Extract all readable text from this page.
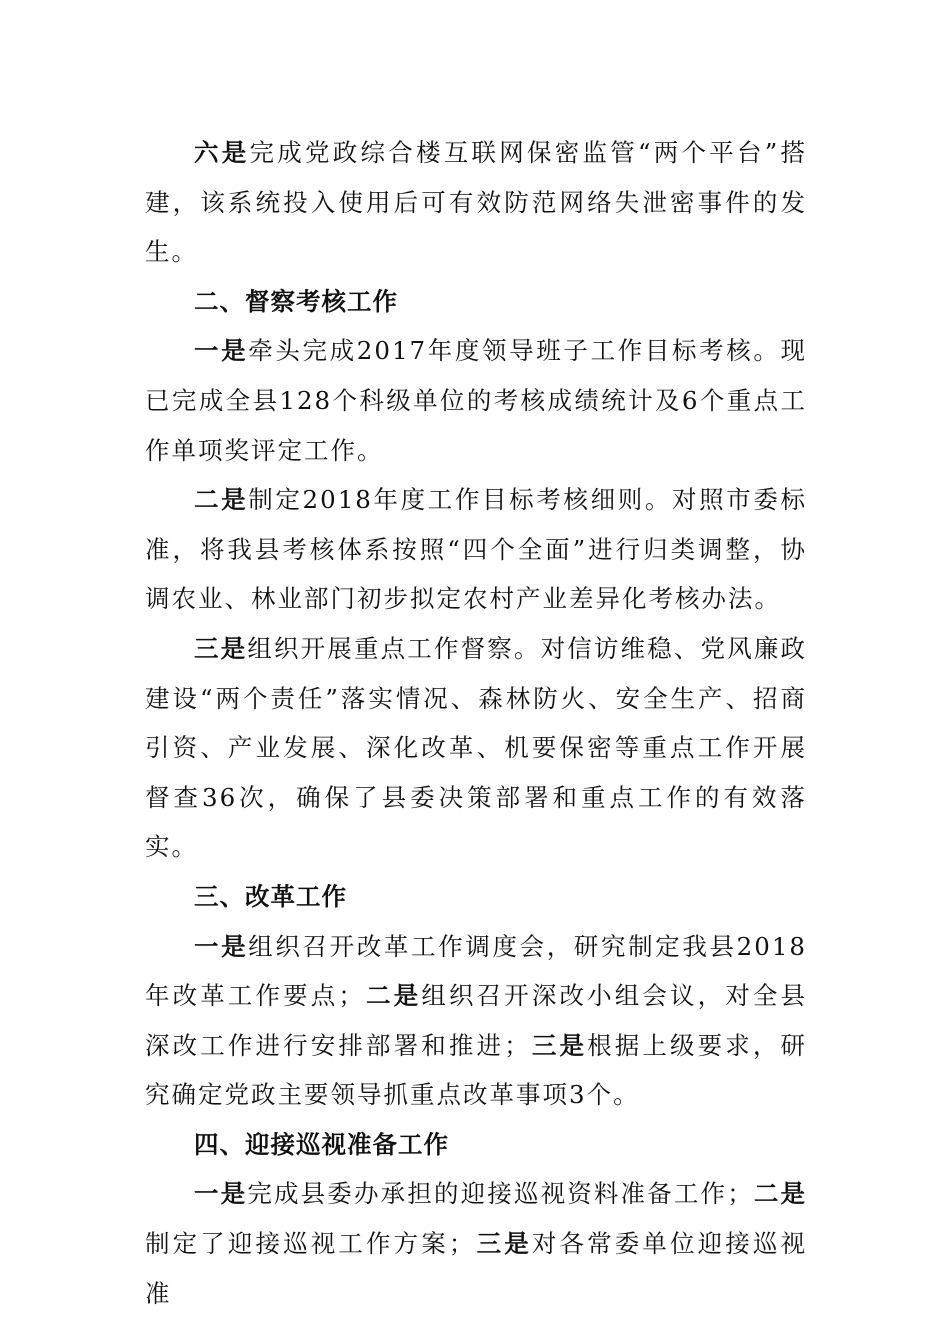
六是完成党政综合楼互联网保密监管“两个平台”搭建，该系统投入使用后可有效防范网络失泄密事件的发生。

二、督察考核工作

一是牵头完成2017年度领导班子工作目标考核。现已完成全县128个科级单位的考核成绩统计及6个重点工作单项奖评定工作。

二是制定2018年度工作目标考核细则。对照市委标准，将我县考核体系按照“四个全面”进行归类调整，协调农业、林业部门初步拟定农村产业差异化考核办法。

三是组织开展重点工作督察。对信访维稳、党风廉政建设“两个责任”落实情况、森林防火、安全生产、招商引资、产业发展、深化改革、机要保密等重点工作开展督查36次，确保了县委决策部署和重点工作的有效落实。

三、改革工作

一是组织召开改革工作调度会，研究制定我县2018年改革工作要点；二是组织召开深改小组会议，对全县深改工作进行安排部署和推进；三是根据上级要求，研究确定党政主要领导抓重点改革事项3个。

四、迎接巡视准备工作

一是完成县委办承担的迎接巡视资料准备工作；二是制定了迎接巡视工作方案；三是对各常委单位迎接巡视准
